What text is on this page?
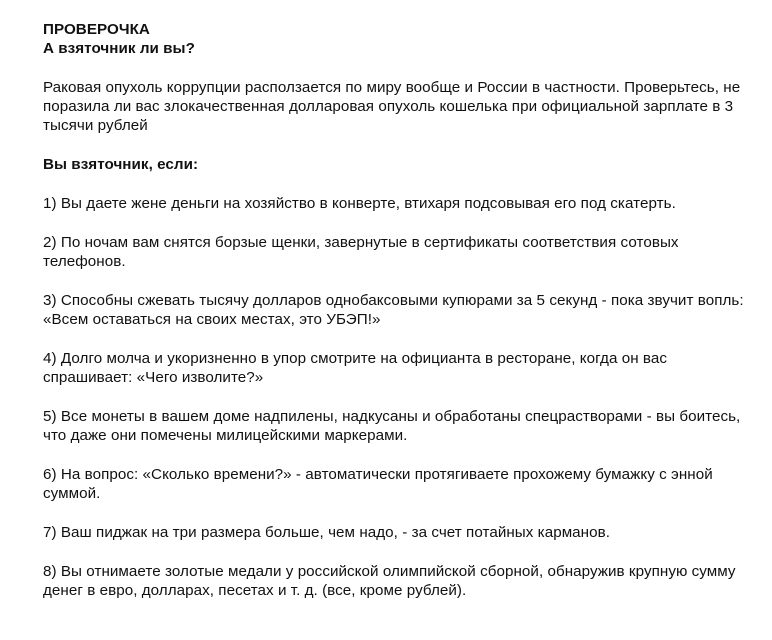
ПРОВЕРОЧКА
А взяточник ли вы?

Раковая опухоль коррупции расползается по миру вообще и России в частности. Проверьтесь, не поразила ли вас злокачественная долларовая опухоль кошелька при официальной зарплате в 3 тысячи рублей

Вы взяточник, если:

1) Вы даете жене деньги на хозяйство в конверте, втихаря подсовывая его под скатерть.
2) По ночам вам снятся борзые щенки, завернутые в сертификаты соответствия сотовых телефонов.
3) Способны сжевать тысячу долларов однобаксовыми купюрами за 5 секунд - пока звучит вопль: «Всем оставаться на своих местах, это УБЭП!»
4) Долго молча и укоризненно в упор смотрите на официанта в ресторане, когда он вас спрашивает: «Чего изволите?»
5) Все монеты в вашем доме надпилены, надкусаны и обработаны спецрастворами - вы боитесь, что даже они помечены милицейскими маркерами.
6) На вопрос: «Сколько времени?» - автоматически протягиваете прохожему бумажку с энной суммой.
7) Ваш пиджак на три размера больше, чем надо, - за счет потайных карманов.
8) Вы отнимаете золотые медали у российской олимпийской сборной, обнаружив крупную сумму денег в евро, долларах, песетах и т. д. (все, кроме рублей).
